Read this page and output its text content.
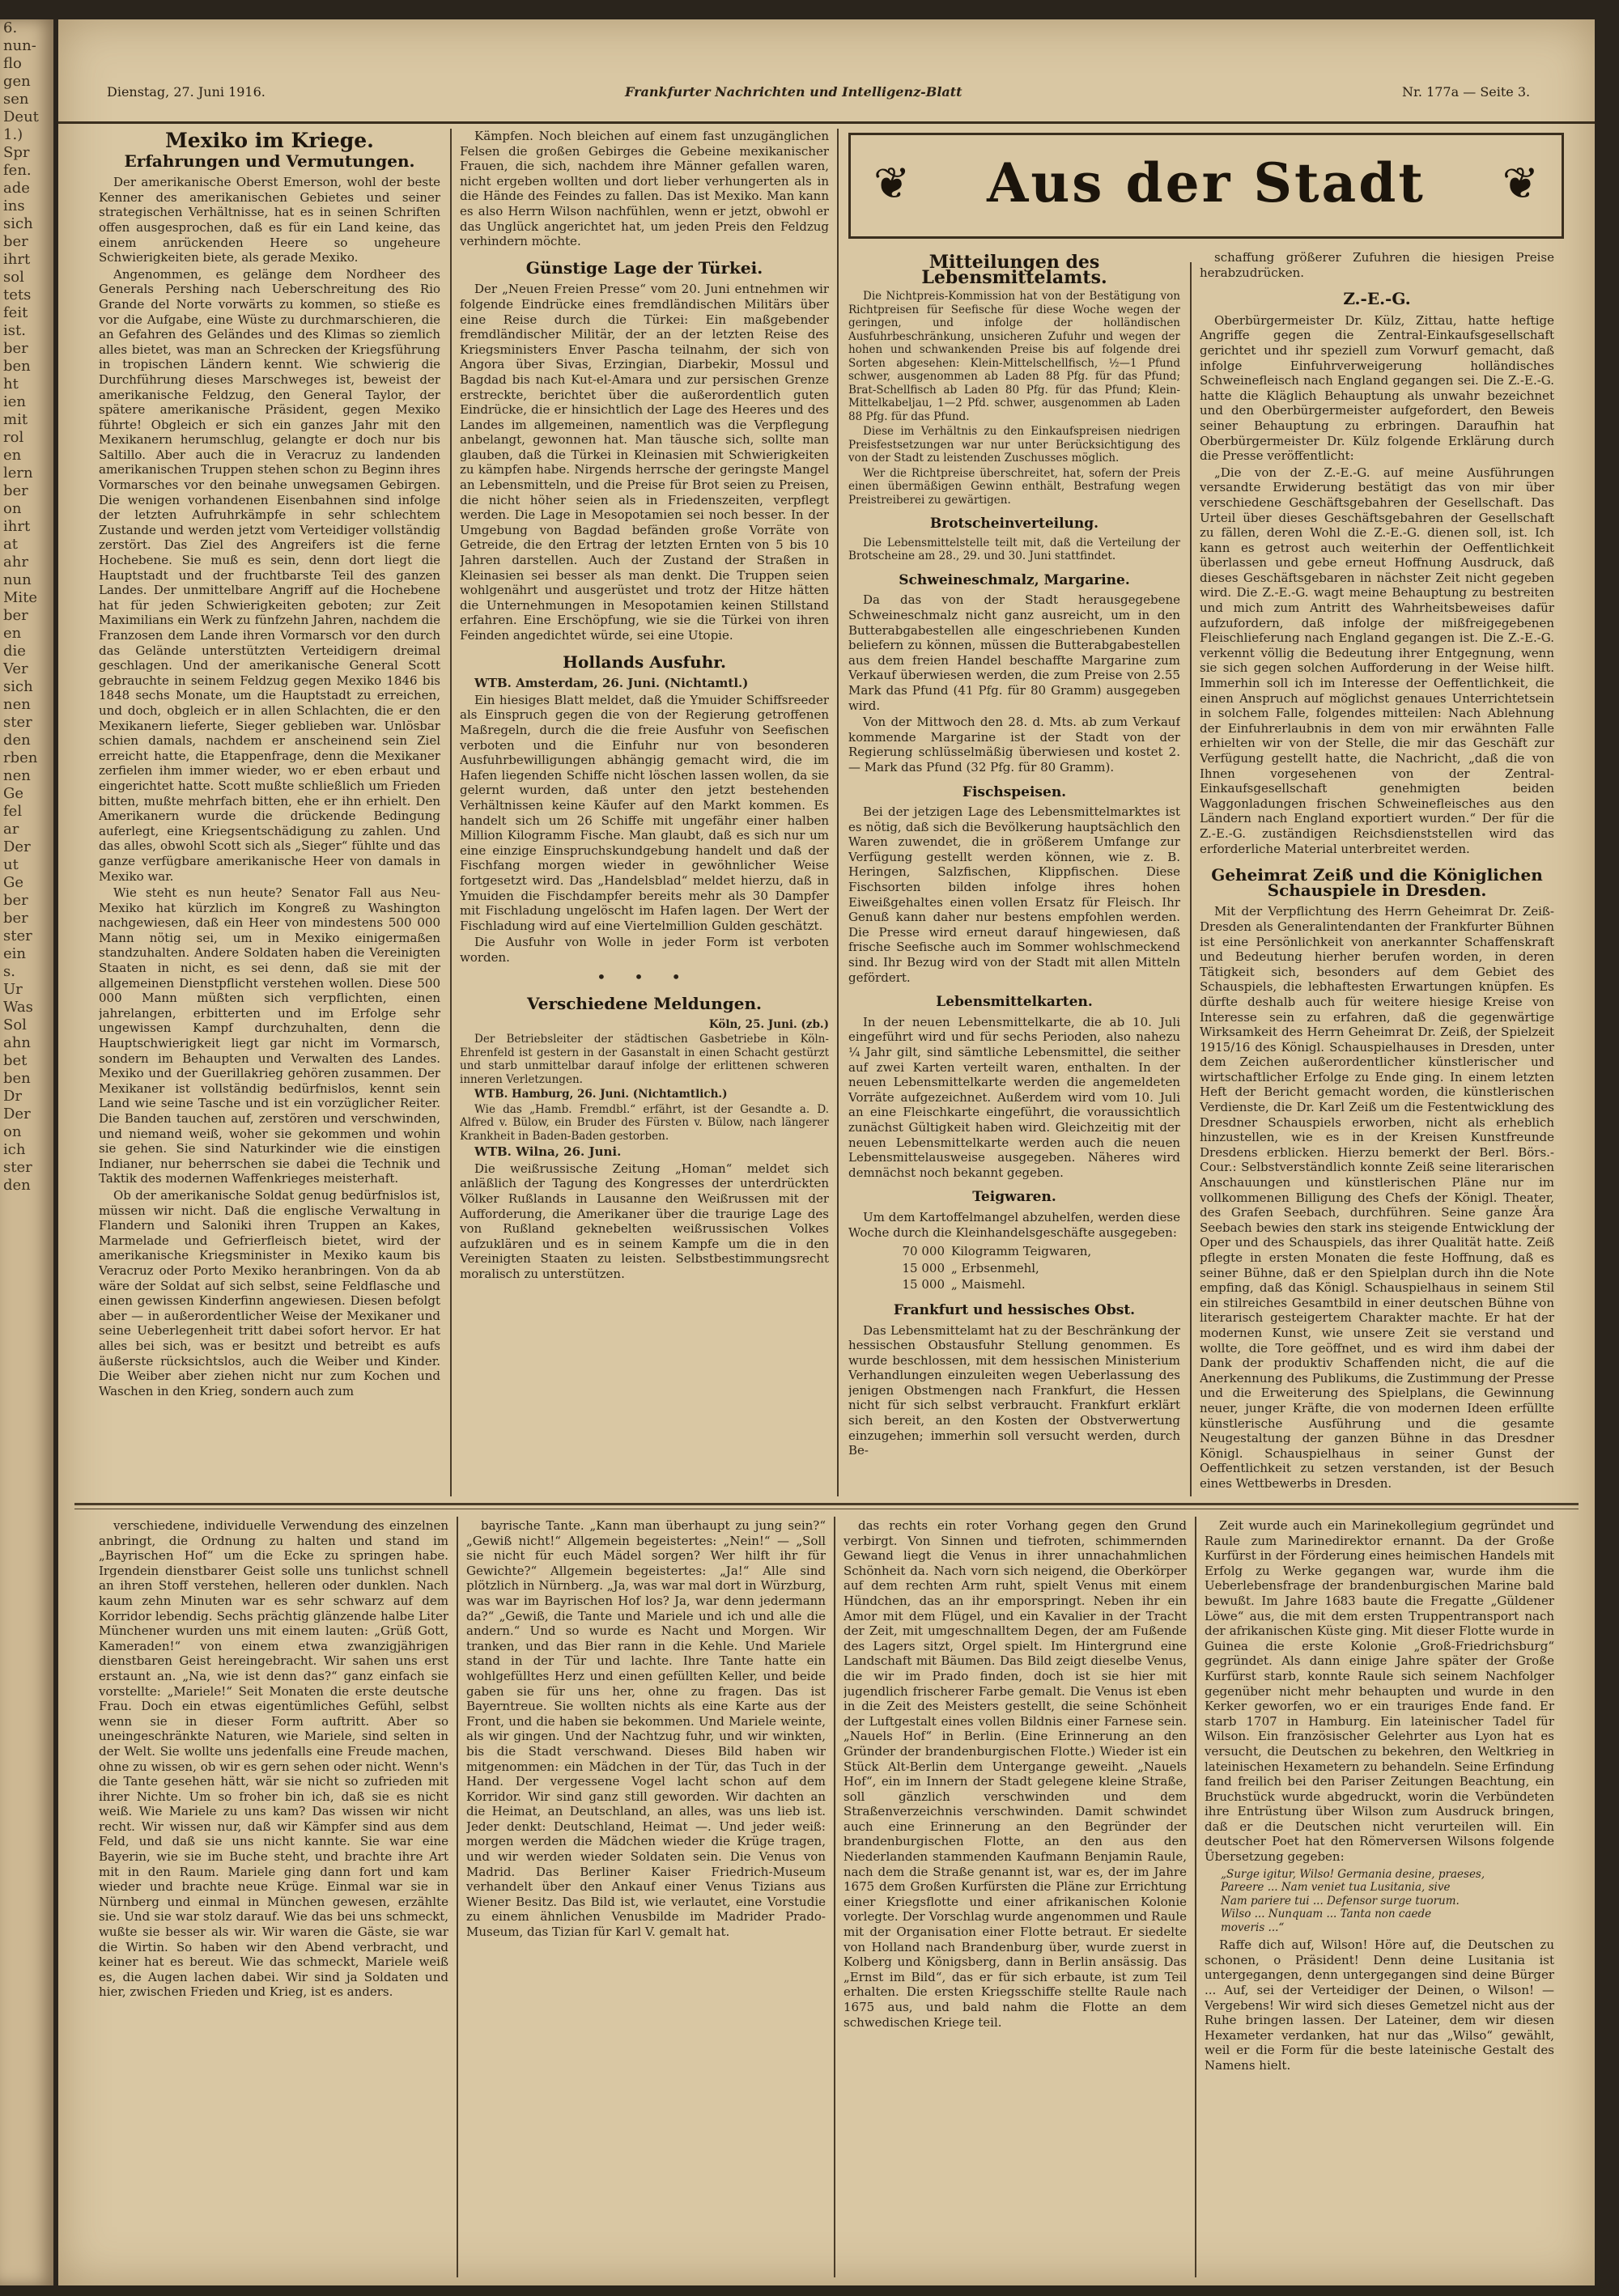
6.
nun-
flo
gen
sen
Deut
1.)
Spr
fen.
ade
ins
sich
ber
ihrt
sol
tets
feit
ist.
ber
ben
ht
ien
mit
rol
en
lern
ber
on
ihrt
at
ahr
nun
Mite
ber
en
die
Ver
sich
nen
ster
den
rben
nen
Ge
fel
ar
Der
ut
Ge
ber
ber
ster
ein
s.
Ur
Was
Sol
ahn
bet
ben
Dr
Der
on
ich
ster
den
Dienstag, 27. Juni 1916.	Frankfurter Nachrichten und Intelligenz-Blatt	Nr. 177a — Seite 3.
Mexiko im Kriege.
Erfahrungen und Vermutungen.

Der amerikanische Oberst Emerson, wohl der beste Kenner des amerikanischen Gebietes und seiner strategischen Verhältnisse, hat es in seinen Schriften offen ausgesprochen, daß es für ein Land keine, das einem anrückenden Heere so ungeheure Schwierigkeiten biete, als gerade Mexiko.

Angenommen, es gelänge dem Nordheer des Generals Pershing nach Ueberschreitung des Rio Grande del Norte vorwärts zu kommen, so stieße es vor die Aufgabe, eine Wüste zu durchmarschieren, die an Gefahren des Geländes und des Klimas so ziemlich alles bietet, was man an Schrecken der Kriegsführung in tropischen Ländern kennt. Wie schwierig die Durchführung dieses Marschweges ist, beweist der amerikanische Feldzug, den General Taylor, der spätere amerikanische Präsident, gegen Mexiko führte! Obgleich er sich ein ganzes Jahr mit den Mexikanern herumschlug, gelangte er doch nur bis Saltillo. Aber auch die in Veracruz zu landenden amerikanischen Truppen stehen schon zu Beginn ihres Vormarsches vor den beinahe unwegsamen Gebirgen. Die wenigen vorhandenen Eisenbahnen sind infolge der letzten Aufruhrkämpfe in sehr schlechtem Zustande und werden jetzt vom Verteidiger vollständig zerstört. Das Ziel des Angreifers ist die ferne Hochebene. Sie muß es sein, denn dort liegt die Hauptstadt und der fruchtbarste Teil des ganzen Landes. Der unmittelbare Angriff auf die Hochebene hat für jeden Schwierigkeiten geboten; zur Zeit Maximilians ein Werk zu fünfzehn Jahren, nachdem die Franzosen dem Lande ihren Vormarsch vor den durch das Gelände unterstützten Verteidigern dreimal geschlagen. Und der amerikanische General Scott gebrauchte in seinem Feldzug gegen Mexiko 1846 bis 1848 sechs Monate, um die Hauptstadt zu erreichen, und doch, obgleich er in allen Schlachten, die er den Mexikanern lieferte, Sieger geblieben war. Unlösbar schien damals, nachdem er anscheinend sein Ziel erreicht hatte, die Etappenfrage, denn die Mexikaner zerfielen ihm immer wieder, wo er eben erbaut und eingerichtet hatte. Scott mußte schließlich um Frieden bitten, mußte mehrfach bitten, ehe er ihn erhielt. Den Amerikanern wurde die drückende Bedingung auferlegt, eine Kriegsentschädigung zu zahlen. Und das alles, obwohl Scott sich als „Sieger“ fühlte und das ganze verfügbare amerikanische Heer von damals in Mexiko war.

Wie steht es nun heute? Senator Fall aus Neu-Mexiko hat kürzlich im Kongreß zu Washington nachgewiesen, daß ein Heer von mindestens 500 000 Mann nötig sei, um in Mexiko einigermaßen standzuhalten. Andere Soldaten haben die Vereinigten Staaten in nicht, es sei denn, daß sie mit der allgemeinen Dienstpflicht verstehen wollen. Diese 500 000 Mann müßten sich verpflichten, einen jahrelangen, erbitterten und im Erfolge sehr ungewissen Kampf durchzuhalten, denn die Hauptschwierigkeit liegt gar nicht im Vormarsch, sondern im Behaupten und Verwalten des Landes. Mexiko und der Guerillakrieg gehören zusammen. Der Mexikaner ist vollständig bedürfnislos, kennt sein Land wie seine Tasche und ist ein vorzüglicher Reiter. Die Banden tauchen auf, zerstören und verschwinden, und niemand weiß, woher sie gekommen und wohin sie gehen. Sie sind Naturkinder wie die einstigen Indianer, nur beherrschen sie dabei die Technik und Taktik des modernen Waffenkrieges meisterhaft.

Ob der amerikanische Soldat genug bedürfnislos ist, müssen wir nicht. Daß die englische Verwaltung in Flandern und Saloniki ihren Truppen an Kakes, Marmelade und Gefrierfleisch bietet, wird der amerikanische Kriegsminister in Mexiko kaum bis Veracruz oder Porto Mexiko heranbringen. Von da ab wäre der Soldat auf sich selbst, seine Feldflasche und einen gewissen Kinderfinn angewiesen. Diesen befolgt aber — in außerordentlicher Weise der Mexikaner und seine Ueberlegenheit tritt dabei sofort hervor. Er hat alles bei sich, was er besitzt und betreibt es aufs äußerste rücksichtslos, auch die Weiber und Kinder. Die Weiber aber ziehen nicht nur zum Kochen und Waschen in den Krieg, sondern auch zum

Kämpfen. Noch bleichen auf einem fast unzugänglichen Felsen die großen Gebirges die Gebeine mexikanischer Frauen, die sich, nachdem ihre Männer gefallen waren, nicht ergeben wollten und dort lieber verhungerten als in die Hände des Feindes zu fallen. Das ist Mexiko. Man kann es also Herrn Wilson nachfühlen, wenn er jetzt, obwohl er das Unglück angerichtet hat, um jeden Preis den Feldzug verhindern möchte.

Günstige Lage der Türkei.

Der „Neuen Freien Presse“ vom 20. Juni entnehmen wir folgende Eindrücke eines fremdländischen Militärs über eine Reise durch die Türkei: Ein maßgebender fremdländischer Militär, der an der letzten Reise des Kriegsministers Enver Pascha teilnahm, der sich von Angora über Sivas, Erzingian, Diarbekir, Mossul und Bagdad bis nach Kut-el-Amara und zur persischen Grenze erstreckte, berichtet über die außerordentlich guten Eindrücke, die er hinsichtlich der Lage des Heeres und des Landes im allgemeinen, namentlich was die Verpflegung anbelangt, gewonnen hat. Man täusche sich, sollte man glauben, daß die Türkei in Kleinasien mit Schwierigkeiten zu kämpfen habe. Nirgends herrsche der geringste Mangel an Lebensmitteln, und die Preise für Brot seien zu Preisen, die nicht höher seien als in Friedenszeiten, verpflegt werden. Die Lage in Mesopotamien sei noch besser. In der Umgebung von Bagdad befänden große Vorräte von Getreide, die den Ertrag der letzten Ernten von 5 bis 10 Jahren darstellen. Auch der Zustand der Straßen in Kleinasien sei besser als man denkt. Die Truppen seien wohlgenährt und ausgerüstet und trotz der Hitze hätten die Unternehmungen in Mesopotamien keinen Stillstand erfahren. Eine Erschöpfung, wie sie die Türkei von ihren Feinden angedichtet würde, sei eine Utopie.

Hollands Ausfuhr.

WTB. Amsterdam, 26. Juni. (Nichtamtl.)

Ein hiesiges Blatt meldet, daß die Ymuider Schiffsreeder als Einspruch gegen die von der Regierung getroffenen Maßregeln, durch die die freie Ausfuhr von Seefischen verboten und die Einfuhr nur von besonderen Ausfuhrbewilligungen abhängig gemacht wird, die im Hafen liegenden Schiffe nicht löschen lassen wollen, da sie gelernt wurden, daß unter den jetzt bestehenden Verhältnissen keine Käufer auf den Markt kommen. Es handelt sich um 26 Schiffe mit ungefähr einer halben Million Kilogramm Fische. Man glaubt, daß es sich nur um eine einzige Einspruchskundgebung handelt und daß der Fischfang morgen wieder in gewöhnlicher Weise fortgesetzt wird. Das „Handelsblad“ meldet hierzu, daß in Ymuiden die Fischdampfer bereits mehr als 30 Dampfer mit Fischladung ungelöscht im Hafen lagen. Der Wert der Fischladung wird auf eine Viertelmillion Gulden geschätzt.

Die Ausfuhr von Wolle in jeder Form ist verboten worden.

• • •
Verschiedene Meldungen.

Köln, 25. Juni. (zb.)

Der Betriebsleiter der städtischen Gasbetriebe in Köln-Ehrenfeld ist gestern in der Gasanstalt in einen Schacht gestürzt und starb unmittelbar darauf infolge der erlittenen schweren inneren Verletzungen.

WTB. Hamburg, 26. Juni. (Nichtamtlich.)

Wie das „Hamb. Fremdbl.“ erfährt, ist der Gesandte a. D. Alfred v. Bülow, ein Bruder des Fürsten v. Bülow, nach längerer Krankheit in Baden-Baden gestorben.

WTB. Wilna, 26. Juni.

Die weißrussische Zeitung „Homan“ meldet sich anläßlich der Tagung des Kongresses der unterdrückten Völker Rußlands in Lausanne den Weißrussen mit der Aufforderung, die Amerikaner über die traurige Lage des von Rußland geknebelten weißrussischen Volkes aufzuklären und es in seinem Kampfe um die in den Vereinigten Staaten zu leisten. Selbstbestimmungsrecht moralisch zu unterstützen.

❦	Aus der Stadt	❦
Mitteilungen des Lebensmittelamts.

Die Nichtpreis-Kommission hat von der Bestätigung von Richtpreisen für Seefische für diese Woche wegen der geringen, und infolge der holländischen Ausfuhrbeschränkung, unsicheren Zufuhr und wegen der hohen und schwankenden Preise bis auf folgende drei Sorten abgesehen: Klein-Mittelschellfisch, ½—1 Pfund schwer, ausgenommen ab Laden 88 Pfg. für das Pfund; Brat-Schellfisch ab Laden 80 Pfg. für das Pfund; Klein-Mittelkabeljau, 1—2 Pfd. schwer, ausgenommen ab Laden 88 Pfg. für das Pfund.

Diese im Verhältnis zu den Einkaufspreisen niedrigen Preisfestsetzungen war nur unter Berücksichtigung des von der Stadt zu leistenden Zuschusses möglich.

Wer die Richtpreise überschreitet, hat, sofern der Preis einen übermäßigen Gewinn enthält, Bestrafung wegen Preistreiberei zu gewärtigen.

Brotscheinverteilung.

Die Lebensmittelstelle teilt mit, daß die Verteilung der Brotscheine am 28., 29. und 30. Juni stattfindet.

Schweineschmalz, Margarine.

Da das von der Stadt herausgegebene Schweineschmalz nicht ganz ausreicht, um in den Butterabgabestellen alle eingeschriebenen Kunden beliefern zu können, müssen die Butterabgabestellen aus dem freien Handel beschaffte Margarine zum Verkauf überwiesen werden, die zum Preise von 2.55 Mark das Pfund (41 Pfg. für 80 Gramm) ausgegeben wird.

Von der Mittwoch den 28. d. Mts. ab zum Verkauf kommende Margarine ist der Stadt von der Regierung schlüsselmäßig überwiesen und kostet 2.— Mark das Pfund (32 Pfg. für 80 Gramm).

Fischspeisen.

Bei der jetzigen Lage des Lebensmittelmarktes ist es nötig, daß sich die Bevölkerung hauptsächlich den Waren zuwendet, die in größerem Umfange zur Verfügung gestellt werden können, wie z. B. Heringen, Salzfischen, Klippfischen. Diese Fischsorten bilden infolge ihres hohen Eiweißgehaltes einen vollen Ersatz für Fleisch. Ihr Genuß kann daher nur bestens empfohlen werden. Die Presse wird erneut darauf hingewiesen, daß frische Seefische auch im Sommer wohlschmeckend sind. Ihr Bezug wird von der Stadt mit allen Mitteln gefördert.

Lebensmittelkarten.

In der neuen Lebensmittelkarte, die ab 10. Juli eingeführt wird und für sechs Perioden, also nahezu ¼ Jahr gilt, sind sämtliche Lebensmittel, die seither auf zwei Karten verteilt waren, enthalten. In der neuen Lebensmittelkarte werden die angemeldeten Vorräte aufgezeichnet. Außerdem wird vom 10. Juli an eine Fleischkarte eingeführt, die voraussichtlich zunächst Gültigkeit haben wird. Gleichzeitig mit der neuen Lebensmittelkarte werden auch die neuen Lebensmittelausweise ausgegeben. Näheres wird demnächst noch bekannt gegeben.

Teigwaren.

Um dem Kartoffelmangel abzuhelfen, werden diese Woche durch die Kleinhandelsgeschäfte ausgegeben:

70 000	Kilogramm Teigwaren,
15 000	„ Erbsenmehl,
15 000	„ Maismehl.
Frankfurt und hessisches Obst.

Das Lebensmittelamt hat zu der Beschränkung der hessischen Obstausfuhr Stellung genommen. Es wurde beschlossen, mit dem hessischen Ministerium Verhandlungen einzuleiten wegen Ueberlassung des jenigen Obstmengen nach Frankfurt, die Hessen nicht für sich selbst verbraucht. Frankfurt erklärt sich bereit, an den Kosten der Obstverwertung einzugehen; immerhin soll versucht werden, durch Be-

schaffung größerer Zufuhren die hiesigen Preise herabzudrücken.

Z.-E.-G.

Oberbürgermeister Dr. Külz, Zittau, hatte heftige Angriffe gegen die Zentral-Einkaufsgesellschaft gerichtet und ihr speziell zum Vorwurf gemacht, daß infolge Einfuhrverweigerung holländisches Schweinefleisch nach England gegangen sei. Die Z.-E.-G. hatte die Kläglich Behauptung als unwahr bezeichnet und den Oberbürgermeister aufgefordert, den Beweis seiner Behauptung zu erbringen. Daraufhin hat Oberbürgermeister Dr. Külz folgende Erklärung durch die Presse veröffentlicht:

„Die von der Z.-E.-G. auf meine Ausführungen versandte Erwiderung bestätigt das von mir über verschiedene Geschäftsgebahren der Gesellschaft. Das Urteil über dieses Geschäftsgebahren der Gesellschaft zu fällen, deren Wohl die Z.-E.-G. dienen soll, ist. Ich kann es getrost auch weiterhin der Oeffentlichkeit überlassen und gebe erneut Hoffnung Ausdruck, daß dieses Geschäftsgebaren in nächster Zeit nicht gegeben wird. Die Z.-E.-G. wagt meine Behauptung zu bestreiten und mich zum Antritt des Wahrheitsbeweises dafür aufzufordern, daß infolge der mißfreigegebenen Fleischlieferung nach England gegangen ist. Die Z.-E.-G. verkennt völlig die Bedeutung ihrer Entgegnung, wenn sie sich gegen solchen Aufforderung in der Weise hilft. Immerhin soll ich im Interesse der Oeffentlichkeit, die einen Anspruch auf möglichst genaues Unterrichtetsein in solchem Falle, folgendes mitteilen: Nach Ablehnung der Einfuhrerlaubnis in dem von mir erwähnten Falle erhielten wir von der Stelle, die mir das Geschäft zur Verfügung gestellt hatte, die Nachricht, „daß die von Ihnen vorgesehenen von der Zentral-Einkaufsgesellschaft genehmigten beiden Waggonladungen frischen Schweinefleisches aus den Ländern nach England exportiert wurden.“ Der für die Z.-E.-G. zuständigen Reichsdienststellen wird das erforderliche Material unterbreitet werden.

Geheimrat Zeiß und die Königlichen Schauspiele in Dresden.

Mit der Verpflichtung des Herrn Geheimrat Dr. Zeiß-Dresden als Generalintendanten der Frankfurter Bühnen ist eine Persönlichkeit von anerkannter Schaffenskraft und Bedeutung hierher berufen worden, in deren Tätigkeit sich, besonders auf dem Gebiet des Schauspiels, die lebhaftesten Erwartungen knüpfen. Es dürfte deshalb auch für weitere hiesige Kreise von Interesse sein zu erfahren, daß die gegenwärtige Wirksamkeit des Herrn Geheimrat Dr. Zeiß, der Spielzeit 1915/16 des Königl. Schauspielhauses in Dresden, unter dem Zeichen außerordentlicher künstlerischer und wirtschaftlicher Erfolge zu Ende ging. In einem letzten Heft der Bericht gemacht worden, die künstlerischen Verdienste, die Dr. Karl Zeiß um die Festentwicklung des Dresdner Schauspiels erworben, nicht als erheblich hinzustellen, wie es in der Kreisen Kunstfreunde Dresdens erblicken. Hierzu bemerkt der Berl. Börs.-Cour.: Selbstverständlich konnte Zeiß seine literarischen Anschauungen und künstlerischen Pläne nur im vollkommenen Billigung des Chefs der Königl. Theater, des Grafen Seebach, durchführen. Seine ganze Ära Seebach bewies den stark ins steigende Entwicklung der Oper und des Schauspiels, das ihrer Qualität hatte. Zeiß pflegte in ersten Monaten die feste Hoffnung, daß es seiner Bühne, daß er den Spielplan durch ihn die Note empfing, daß das Königl. Schauspielhaus in seinem Stil ein stilreiches Gesamtbild in einer deutschen Bühne von literarisch gesteigertem Charakter machte. Er hat der modernen Kunst, wie unsere Zeit sie verstand und wollte, die Tore geöffnet, und es wird ihm dabei der Dank der produktiv Schaffenden nicht, die auf die Anerkennung des Publikums, die Zustimmung der Presse und die Erweiterung des Spielplans, die Gewinnung neuer, junger Kräfte, die von modernen Ideen erfüllte künstlerische Ausführung und die gesamte Neugestaltung der ganzen Bühne in das Dresdner Königl. Schauspielhaus in seiner Gunst der Oeffentlichkeit zu setzen verstanden, ist der Besuch eines Wettbewerbs in Dresden.

verschiedene, individuelle Verwendung des einzelnen anbringt, die Ordnung zu halten und stand im „Bayrischen Hof“ um die Ecke zu springen habe. Irgendein dienstbarer Geist solle uns tunlichst schnell an ihren Stoff verstehen, helleren oder dunklen. Nach kaum zehn Minuten war es sehr schwarz auf dem Korridor lebendig. Sechs prächtig glänzende halbe Liter Münchener wurden uns mit einem lauten: „Grüß Gott, Kameraden!“ von einem etwa zwanzigjährigen dienstbaren Geist hereingebracht. Wir sahen uns erst erstaunt an. „Na, wie ist denn das?“ ganz einfach sie vorstellte: „Mariele!“ Seit Monaten die erste deutsche Frau. Doch ein etwas eigentümliches Gefühl, selbst wenn sie in dieser Form auftritt. Aber so uneingeschränkte Naturen, wie Mariele, sind selten in der Welt. Sie wollte uns jedenfalls eine Freude machen, ohne zu wissen, ob wir es gern sehen oder nicht. Wenn's die Tante gesehen hätt, wär sie nicht so zufrieden mit ihrer Nichte. Um so froher bin ich, daß sie es nicht weiß. Wie Mariele zu uns kam? Das wissen wir nicht recht. Wir wissen nur, daß wir Kämpfer sind aus dem Feld, und daß sie uns nicht kannte. Sie war eine Bayerin, wie sie im Buche steht, und brachte ihre Art mit in den Raum. Mariele ging dann fort und kam wieder und brachte neue Krüge. Einmal war sie in Nürnberg und einmal in München gewesen, erzählte sie. Und sie war stolz darauf. Wie das bei uns schmeckt, wußte sie besser als wir. Wir waren die Gäste, sie war die Wirtin. So haben wir den Abend verbracht, und keiner hat es bereut. Wie das schmeckt, Mariele weiß es, die Augen lachen dabei. Wir sind ja Soldaten und hier, zwischen Frieden und Krieg, ist es anders.

bayrische Tante. „Kann man überhaupt zu jung sein?“ „Gewiß nicht!“ Allgemein begeistertes: „Nein!“ — „Soll sie nicht für euch Mädel sorgen? Wer hilft ihr für Gewichte?“ Allgemein begeistertes: „Ja!“ Alle sind plötzlich in Nürnberg. „Ja, was war mal dort in Würzburg, was war im Bayrischen Hof los? Ja, war denn jedermann da?“ „Gewiß, die Tante und Mariele und ich und alle die andern.“ Und so wurde es Nacht und Morgen. Wir tranken, und das Bier rann in die Kehle. Und Mariele stand in der Tür und lachte. Ihre Tante hatte ein wohlgefülltes Herz und einen gefüllten Keller, und beide gaben sie für uns her, ohne zu fragen. Das ist Bayerntreue. Sie wollten nichts als eine Karte aus der Front, und die haben sie bekommen. Und Mariele weinte, als wir gingen. Und der Nachtzug fuhr, und wir winkten, bis die Stadt verschwand. Dieses Bild haben wir mitgenommen: ein Mädchen in der Tür, das Tuch in der Hand. Der vergessene Vogel lacht schon auf dem Korridor. Wir sind ganz still geworden. Wir dachten an die Heimat, an Deutschland, an alles, was uns lieb ist. Jeder denkt: Deutschland, Heimat —. Und jeder weiß: morgen werden die Mädchen wieder die Krüge tragen, und wir werden wieder Soldaten sein. Die Venus von Madrid. Das Berliner Kaiser Friedrich-Museum verhandelt über den Ankauf einer Venus Tizians aus Wiener Besitz. Das Bild ist, wie verlautet, eine Vorstudie zu einem ähnlichen Venusbilde im Madrider Prado-Museum, das Tizian für Karl V. gemalt hat.

das rechts ein roter Vorhang gegen den Grund verbirgt. Von Sinnen und tiefroten, schimmernden Gewand liegt die Venus in ihrer unnachahmlichen Schönheit da. Nach vorn sich neigend, die Oberkörper auf dem rechten Arm ruht, spielt Venus mit einem Hündchen, das an ihr emporspringt. Neben ihr ein Amor mit dem Flügel, und ein Kavalier in der Tracht der Zeit, mit umgeschnalltem Degen, der am Fußende des Lagers sitzt, Orgel spielt. Im Hintergrund eine Landschaft mit Bäumen. Das Bild zeigt dieselbe Venus, die wir im Prado finden, doch ist sie hier mit jugendlich frischerer Farbe gemalt. Die Venus ist eben in die Zeit des Meisters gestellt, die seine Schönheit der Luftgestalt eines vollen Bildnis einer Farnese sein. „Nauels Hof“ in Berlin. (Eine Erinnerung an den Gründer der brandenburgischen Flotte.) Wieder ist ein Stück Alt-Berlin dem Untergange geweiht. „Nauels Hof“, ein im Innern der Stadt gelegene kleine Straße, soll gänzlich verschwinden und dem Straßenverzeichnis verschwinden. Damit schwindet auch eine Erinnerung an den Begründer der brandenburgischen Flotte, an den aus den Niederlanden stammenden Kaufmann Benjamin Raule, nach dem die Straße genannt ist, war es, der im Jahre 1675 dem Großen Kurfürsten die Pläne zur Errichtung einer Kriegsflotte und einer afrikanischen Kolonie vorlegte. Der Vorschlag wurde angenommen und Raule mit der Organisation einer Flotte betraut. Er siedelte von Holland nach Brandenburg über, wurde zuerst in Kolberg und Königsberg, dann in Berlin ansässig. Das „Ernst im Bild“, das er für sich erbaute, ist zum Teil erhalten. Die ersten Kriegsschiffe stellte Raule nach 1675 aus, und bald nahm die Flotte an dem schwedischen Kriege teil.

Zeit wurde auch ein Marinekollegium gegründet und Raule zum Marinedirektor ernannt. Da der Große Kurfürst in der Förderung eines heimischen Handels mit Erfolg zu Werke gegangen war, wurde ihm die Ueberlebensfrage der brandenburgischen Marine bald bewußt. Im Jahre 1683 baute die Fregatte „Güldener Löwe“ aus, die mit dem ersten Truppentransport nach der afrikanischen Küste ging. Mit dieser Flotte wurde in Guinea die erste Kolonie „Groß-Friedrichsburg“ gegründet. Als dann einige Jahre später der Große Kurfürst starb, konnte Raule sich seinem Nachfolger gegenüber nicht mehr behaupten und wurde in den Kerker geworfen, wo er ein trauriges Ende fand. Er starb 1707 in Hamburg. Ein lateinischer Tadel für Wilson. Ein französischer Gelehrter aus Lyon hat es versucht, die Deutschen zu bekehren, den Weltkrieg in lateinischen Hexametern zu behandeln. Seine Erfindung fand freilich bei den Pariser Zeitungen Beachtung, ein Bruchstück wurde abgedruckt, worin die Verbündeten ihre Entrüstung über Wilson zum Ausdruck bringen, daß er die Deutschen nicht verurteilen will. Ein deutscher Poet hat den Römerversen Wilsons folgende Übersetzung gegeben:

„Surge igitur, Wilso! Germania desine, praeses,
Pareere ... Nam veniet tua Lusitania, sive
Nam pariere tui ... Defensor surge tuorum.
Wilso ... Nunquam ... Tanta non caede
moveris ...“

Raffe dich auf, Wilson! Höre auf, die Deutschen zu schonen, o Präsident! Denn deine Lusitania ist untergegangen, denn untergegangen sind deine Bürger ... Auf, sei der Verteidiger der Deinen, o Wilson! — Vergebens! Wir wird sich dieses Gemetzel nicht aus der Ruhe bringen lassen. Der Lateiner, dem wir diesen Hexameter verdanken, hat nur das „Wilso“ gewählt, weil er die Form für die beste lateinische Gestalt des Namens hielt.
